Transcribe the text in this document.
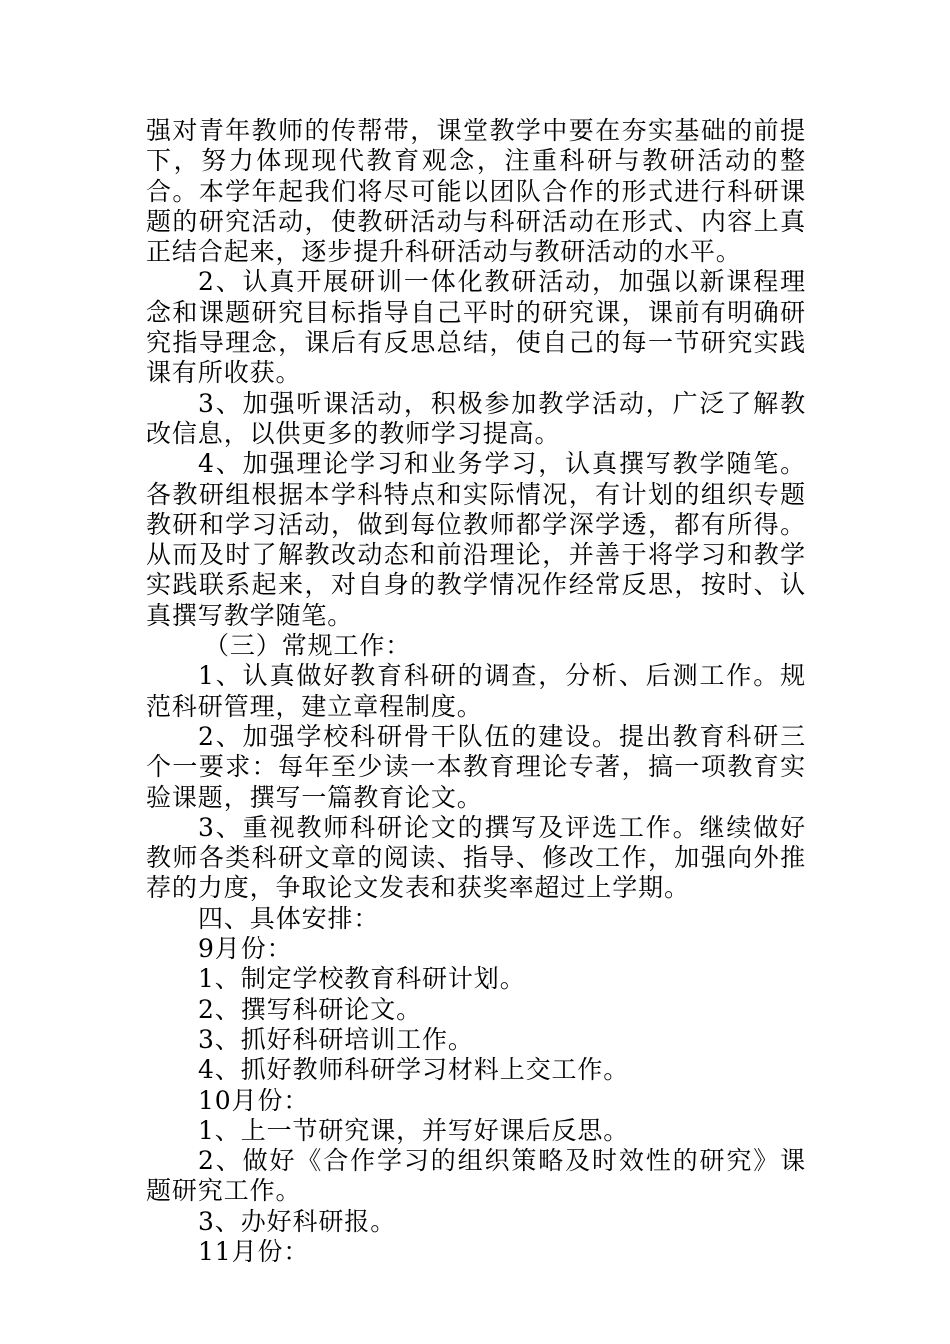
强对青年教师的传帮带，课堂教学中要在夯实基础的前提下，努力体现现代教育观念，注重科研与教研活动的整合。本学年起我们将尽可能以团队合作的形式进行科研课题的研究活动，使教研活动与科研活动在形式、内容上真正结合起来，逐步提升科研活动与教研活动的水平。

2、认真开展研训一体化教研活动，加强以新课程理念和课题研究目标指导自己平时的研究课，课前有明确研究指导理念，课后有反思总结，使自己的每一节研究实践课有所收获。

3、加强听课活动，积极参加教学活动，广泛了解教改信息，以供更多的教师学习提高。

4、加强理论学习和业务学习，认真撰写教学随笔。各教研组根据本学科特点和实际情况，有计划的组织专题教研和学习活动，做到每位教师都学深学透，都有所得。从而及时了解教改动态和前沿理论，并善于将学习和教学实践联系起来，对自身的教学情况作经常反思，按时、认真撰写教学随笔。

（三）常规工作：

1、认真做好教育科研的调查，分析、后测工作。规范科研管理，建立章程制度。

2、加强学校科研骨干队伍的建设。提出教育科研三个一要求：每年至少读一本教育理论专著，搞一项教育实验课题，撰写一篇教育论文。

3、重视教师科研论文的撰写及评选工作。继续做好教师各类科研文章的阅读、指导、修改工作，加强向外推荐的力度，争取论文发表和获奖率超过上学期。

四、具体安排：

9月份：

1、制定学校教育科研计划。

2、撰写科研论文。

3、抓好科研培训工作。

4、抓好教师科研学习材料上交工作。

10月份：

1、上一节研究课，并写好课后反思。

2、做好《合作学习的组织策略及时效性的研究》课题研究工作。

3、办好科研报。

11月份：
